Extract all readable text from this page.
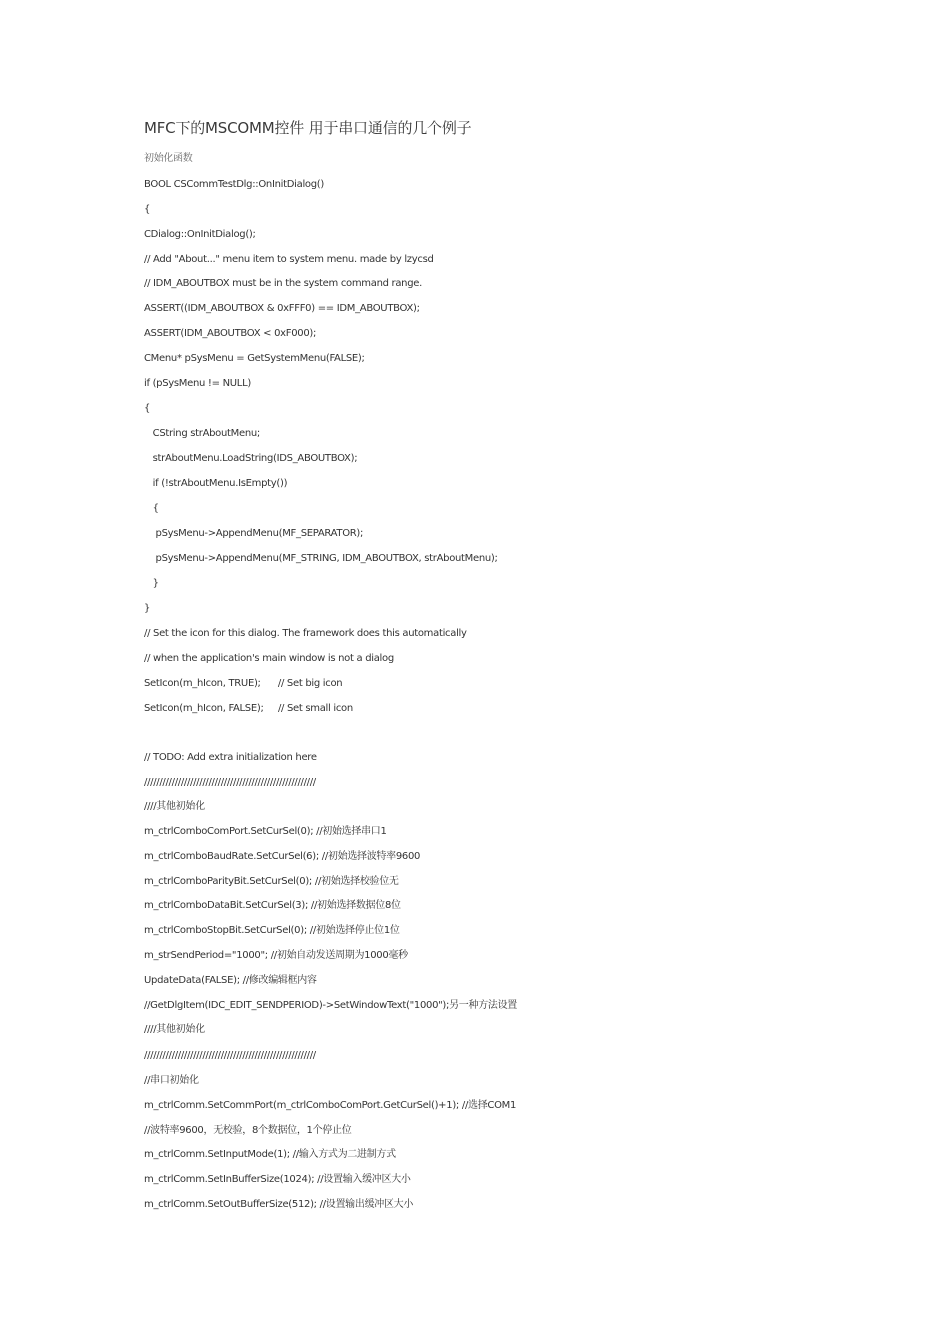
MFC下的MSCOMM控件 用于串口通信的几个例子
初始化函数
BOOL CSCommTestDlg::OnInitDialog()
{
CDialog::OnInitDialog();
// Add "About..." menu item to system menu. made by lzycsd
// IDM_ABOUTBOX must be in the system command range.
ASSERT((IDM_ABOUTBOX & 0xFFF0) == IDM_ABOUTBOX);
ASSERT(IDM_ABOUTBOX < 0xF000);
CMenu* pSysMenu = GetSystemMenu(FALSE);
if (pSysMenu != NULL)
{
CString strAboutMenu;
strAboutMenu.LoadString(IDS_ABOUTBOX);
if (!strAboutMenu.IsEmpty())
{
pSysMenu->AppendMenu(MF_SEPARATOR);
pSysMenu->AppendMenu(MF_STRING, IDM_ABOUTBOX, strAboutMenu);
}
}
// Set the icon for this dialog. The framework does this automatically
// when the application's main window is not a dialog
SetIcon(m_hIcon, TRUE);      // Set big icon
SetIcon(m_hIcon, FALSE);     // Set small icon
// TODO: Add extra initialization here
////////////////////////////////////////////////////////
////其他初始化
m_ctrlComboComPort.SetCurSel(0); //初始选择串口1
m_ctrlComboBaudRate.SetCurSel(6); //初始选择波特率9600
m_ctrlComboParityBit.SetCurSel(0); //初始选择校验位无
m_ctrlComboDataBit.SetCurSel(3); //初始选择数据位8位
m_ctrlComboStopBit.SetCurSel(0); //初始选择停止位1位
m_strSendPeriod="1000"; //初始自动发送周期为1000毫秒
UpdateData(FALSE); //修改编辑框内容
//GetDlgItem(IDC_EDIT_SENDPERIOD)->SetWindowText("1000");另一种方法设置
////其他初始化
////////////////////////////////////////////////////////
//串口初始化
m_ctrlComm.SetCommPort(m_ctrlComboComPort.GetCurSel()+1); //选择COM1
//波特率9600，无校验，8个数据位，1个停止位
m_ctrlComm.SetInputMode(1); //输入方式为二进制方式
m_ctrlComm.SetInBufferSize(1024); //设置输入缓冲区大小
m_ctrlComm.SetOutBufferSize(512); //设置输出缓冲区大小
